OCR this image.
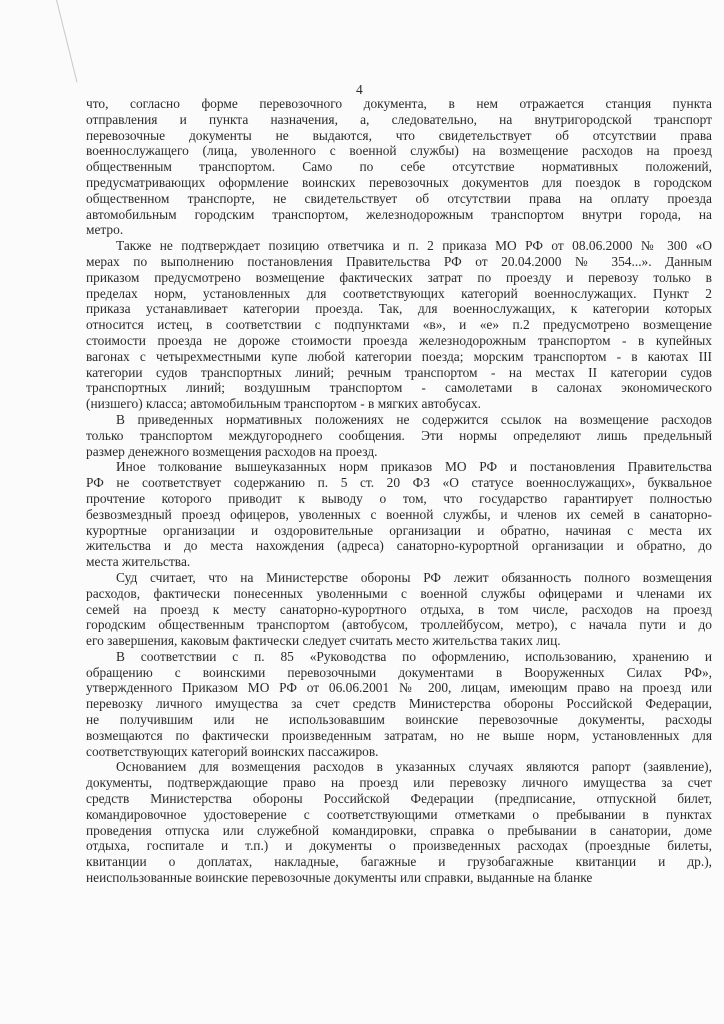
4
что, согласно форме перевозочного документа, в нем отражается станция пункта
отправления и пункта назначения, а, следовательно, на внутригородской транспорт
перевозочные документы не выдаются, что свидетельствует об отсутствии права
военнослужащего (лица, уволенного с военной службы) на возмещение расходов на проезд
общественным транспортом. Само по себе отсутствие нормативных положений,
предусматривающих оформление воинских перевозочных документов для поездок в городском
общественном транспорте, не свидетельствует об отсутствии права на оплату проезда
автомобильным городским транспортом, железнодорожным транспортом внутри города, на
метро.
Также не подтверждает позицию ответчика и п. 2 приказа МО РФ от 08.06.2000 № 300 «О
мерах по выполнению постановления Правительства РФ от 20.04.2000 № 354...». Данным
приказом предусмотрено возмещение фактических затрат по проезду и перевозу только в
пределах норм, установленных для соответствующих категорий военнослужащих. Пункт 2
приказа устанавливает категории проезда. Так, для военнослужащих, к категории которых
относится истец, в соответствии с подпунктами «в», и «е» п.2 предусмотрено возмещение
стоимости проезда не дороже стоимости проезда железнодорожным транспортом - в купейных
вагонах с четырехместными купе любой категории поезда; морским транспортом - в каютах III
категории судов транспортных линий; речным транспортом - на местах II категории судов
транспортных линий; воздушным транспортом - самолетами в салонах экономического
(низшего) класса; автомобильным транспортом - в мягких автобусах.
В приведенных нормативных положениях не содержится ссылок на возмещение расходов
только транспортом междугороднего сообщения. Эти нормы определяют лишь предельный
размер денежного возмещения расходов на проезд.
Иное толкование вышеуказанных норм приказов МО РФ и постановления Правительства
РФ не соответствует содержанию п. 5 ст. 20 ФЗ «О статусе военнослужащих», буквальное
прочтение которого приводит к выводу о том, что государство гарантирует полностью
безвозмездный проезд офицеров, уволенных с военной службы, и членов их семей в санаторно-
курортные организации и оздоровительные организации и обратно, начиная с места их
жительства и до места нахождения (адреса) санаторно-курортной организации и обратно, до
места жительства.
Суд считает, что на Министерстве обороны РФ лежит обязанность полного возмещения
расходов, фактически понесенных уволенными с военной службы офицерами и членами их
семей на проезд к месту санаторно-курортного отдыха, в том числе, расходов на проезд
городским общественным транспортом (автобусом, троллейбусом, метро), с начала пути и до
его завершения, каковым фактически следует считать место жительства таких лиц.
В соответствии с п. 85 «Руководства по оформлению, использованию, хранению и
обращению с воинскими перевозочными документами в Вооруженных Силах РФ»,
утвержденного Приказом МО РФ от 06.06.2001 № 200, лицам, имеющим право на проезд или
перевозку личного имущества за счет средств Министерства обороны Российской Федерации,
не получившим или не использовавшим воинские перевозочные документы, расходы
возмещаются по фактически произведенным затратам, но не выше норм, установленных для
соответствующих категорий воинских пассажиров.
Основанием для возмещения расходов в указанных случаях являются рапорт (заявление),
документы, подтверждающие право на проезд или перевозку личного имущества за счет
средств Министерства обороны Российской Федерации (предписание, отпускной билет,
командировочное удостоверение с соответствующими отметками о пребывании в пунктах
проведения отпуска или служебной командировки, справка о пребывании в санатории, доме
отдыха, госпитале и т.п.) и документы о произведенных расходах (проездные билеты,
квитанции о доплатах, накладные, багажные и грузобагажные квитанции и др.),
неиспользованные воинские перевозочные документы или справки, выданные на бланке
